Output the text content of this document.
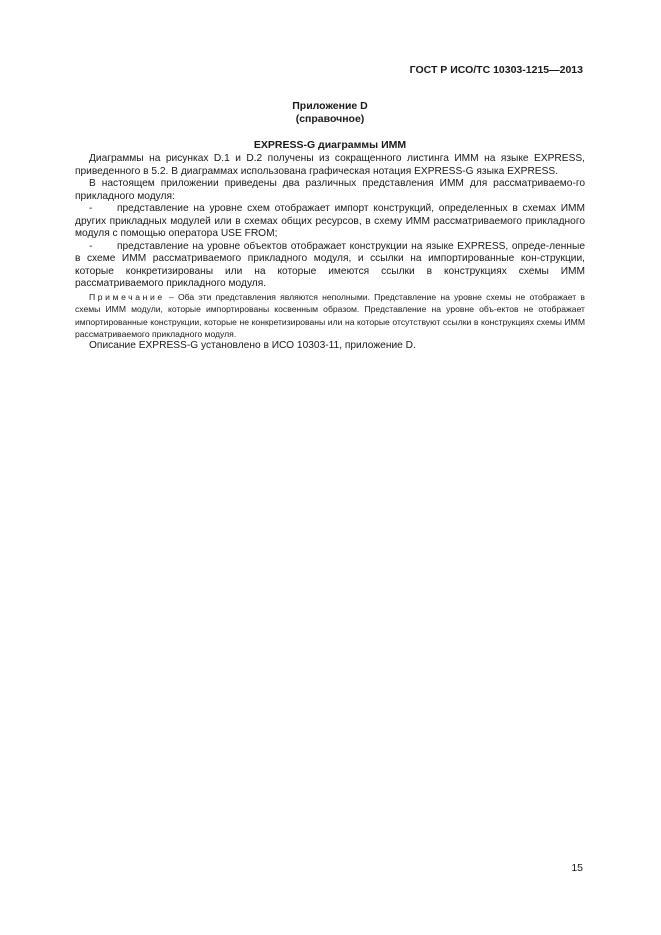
ГОСТ Р ИСО/ТС 10303-1215—2013
Приложение D
(справочное)
EXPRESS-G диаграммы ИММ

Диаграммы на рисунках D.1 и D.2 получены из сокращенного листинга ИММ на языке EXPRESS, приведенного в 5.2. В диаграммах использована графическая нотация EXPRESS-G языка EXPRESS.

В настоящем приложении приведены два различных представления ИММ для рассматриваемо-го прикладного модуля:

- представление на уровне схем отображает импорт конструкций, определенных в схемах ИММ других прикладных модулей или в схемах общих ресурсов, в схему ИММ рассматриваемого прикладного модуля с помощью оператора USE FROM;

- представление на уровне объектов отображает конструкции на языке EXPRESS, опреде-ленные в схеме ИММ рассматриваемого прикладного модуля, и ссылки на импортированные кон-струкции, которые конкретизированы или на которые имеются ссылки в конструкциях схемы ИММ рассматриваемого прикладного модуля.

Примечание – Оба эти представления являются неполными. Представление на уровне схемы не отображает в схемы ИММ модули, которые импортированы косвенным образом. Представление на уровне объ-ектов не отображает импортированные конструкции, которые не конкретизированы или на которые отсутствуют ссылки в конструкциях схемы ИММ рассматриваемого прикладного модуля.

Описание EXPRESS-G установлено в ИСО 10303-11, приложение D.

15
